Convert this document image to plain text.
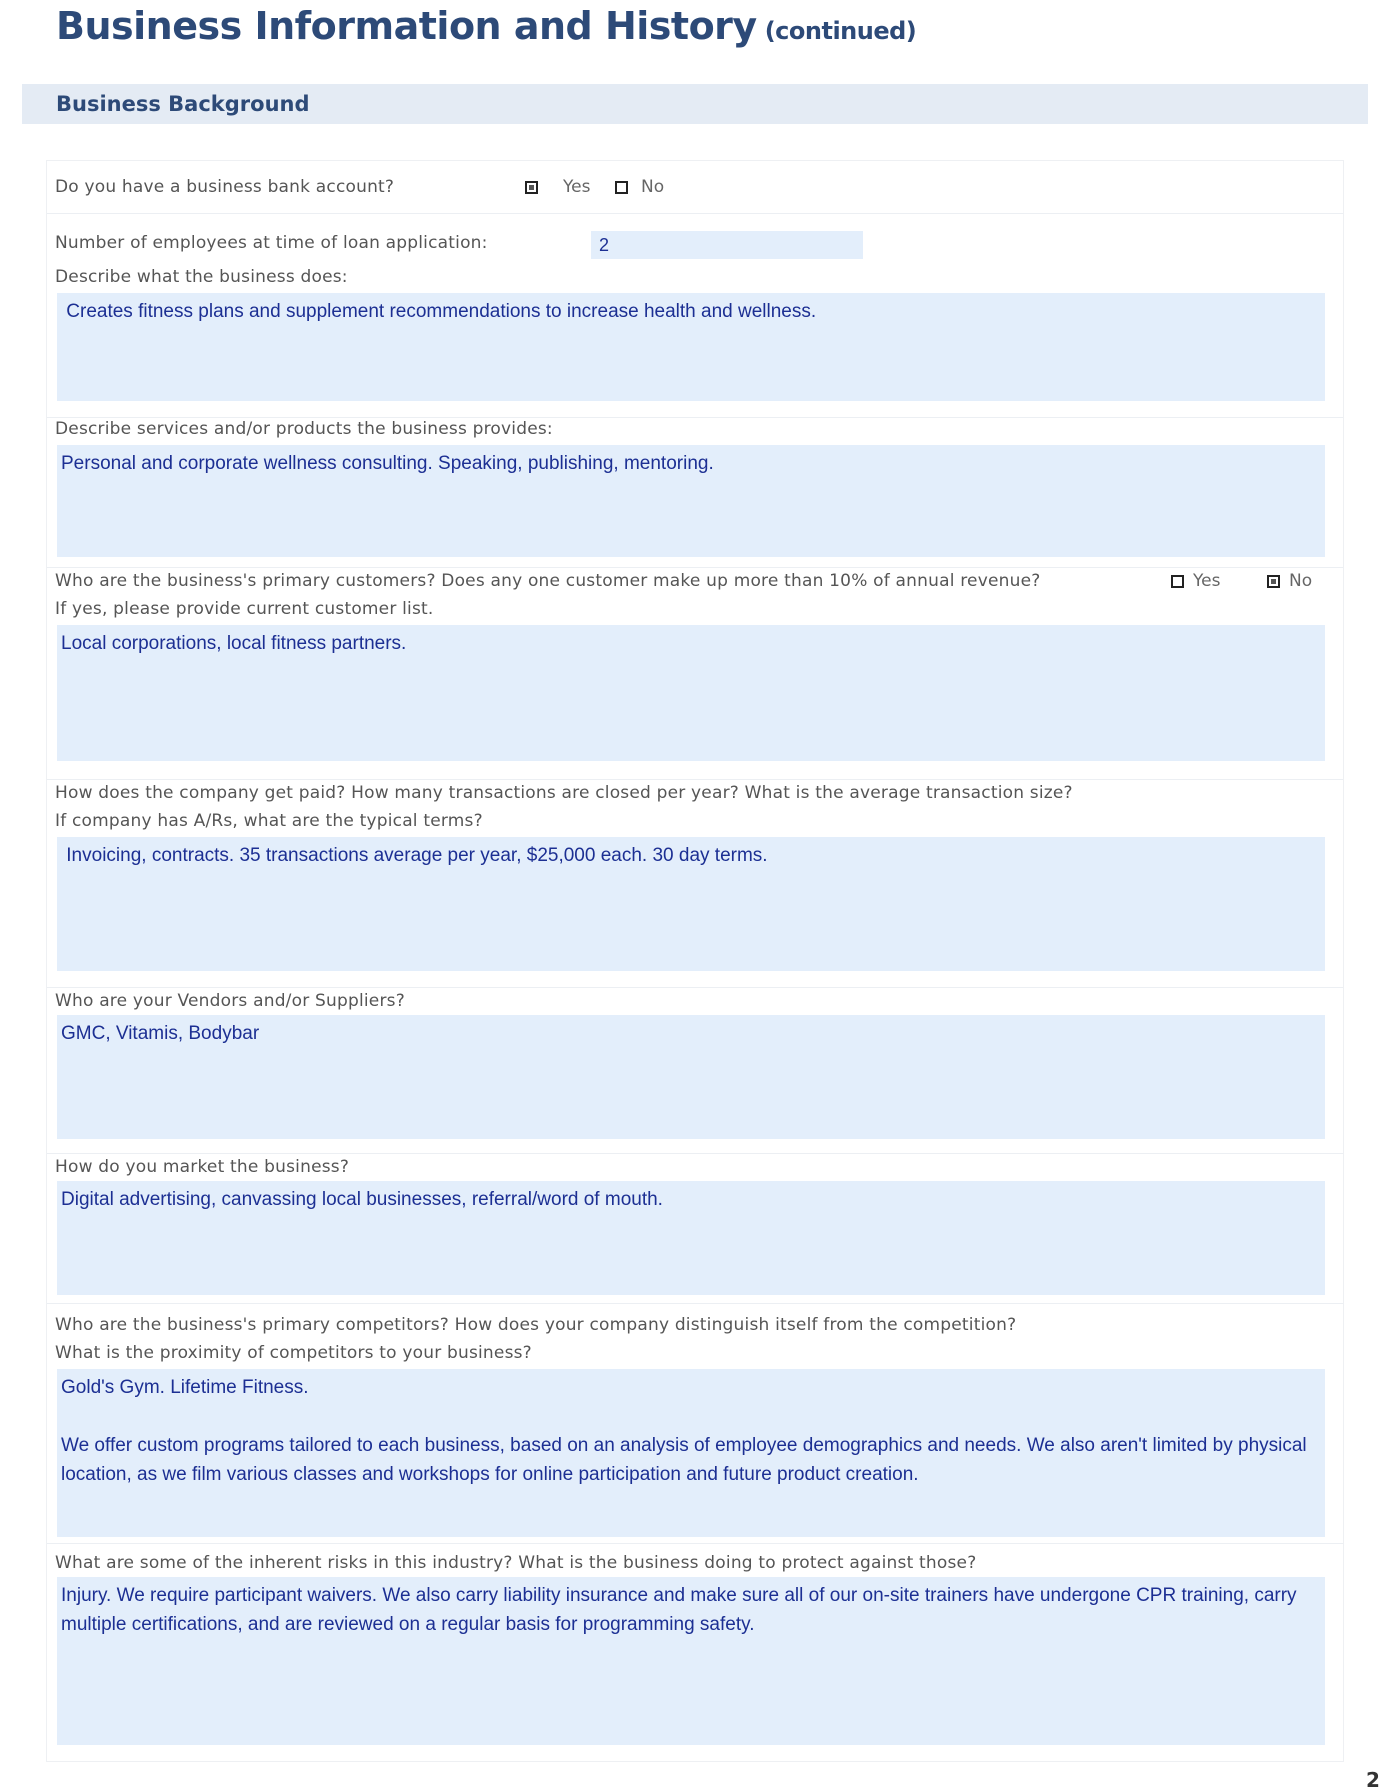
Business Information and History (continued)
Business Background
Do you have a business bank account?	Yes	No
Number of employees at time of loan application:	2
Describe what the business does:
Creates fitness plans and supplement recommendations to increase health and wellness.
Describe services and/or products the business provides:
Personal and corporate wellness consulting. Speaking, publishing, mentoring.
Who are the business's primary customers? Does any one customer make up more than 10% of annual revenue?
If yes, please provide current customer list.
Yes	No
Local corporations, local fitness partners.
How does the company get paid? How many transactions are closed per year? What is the average transaction size?
If company has A/Rs, what are the typical terms?
Invoicing, contracts. 35 transactions average per year, $25,000 each. 30 day terms.
Who are your Vendors and/or Suppliers?
GMC, Vitamis, Bodybar
How do you market the business?
Digital advertising, canvassing local businesses, referral/word of mouth.
Who are the business's primary competitors? How does your company distinguish itself from the competition?
What is the proximity of competitors to your business?
Gold's Gym. Lifetime Fitness.

We offer custom programs tailored to each business, based on an analysis of employee demographics and needs. We also aren't limited by physical location, as we film various classes and workshops for online participation and future product creation.
What are some of the inherent risks in this industry? What is the business doing to protect against those?
Injury. We require participant waivers. We also carry liability insurance and make sure all of our on-site trainers have undergone CPR training, carry multiple certifications, and are reviewed on a regular basis for programming safety.
2
